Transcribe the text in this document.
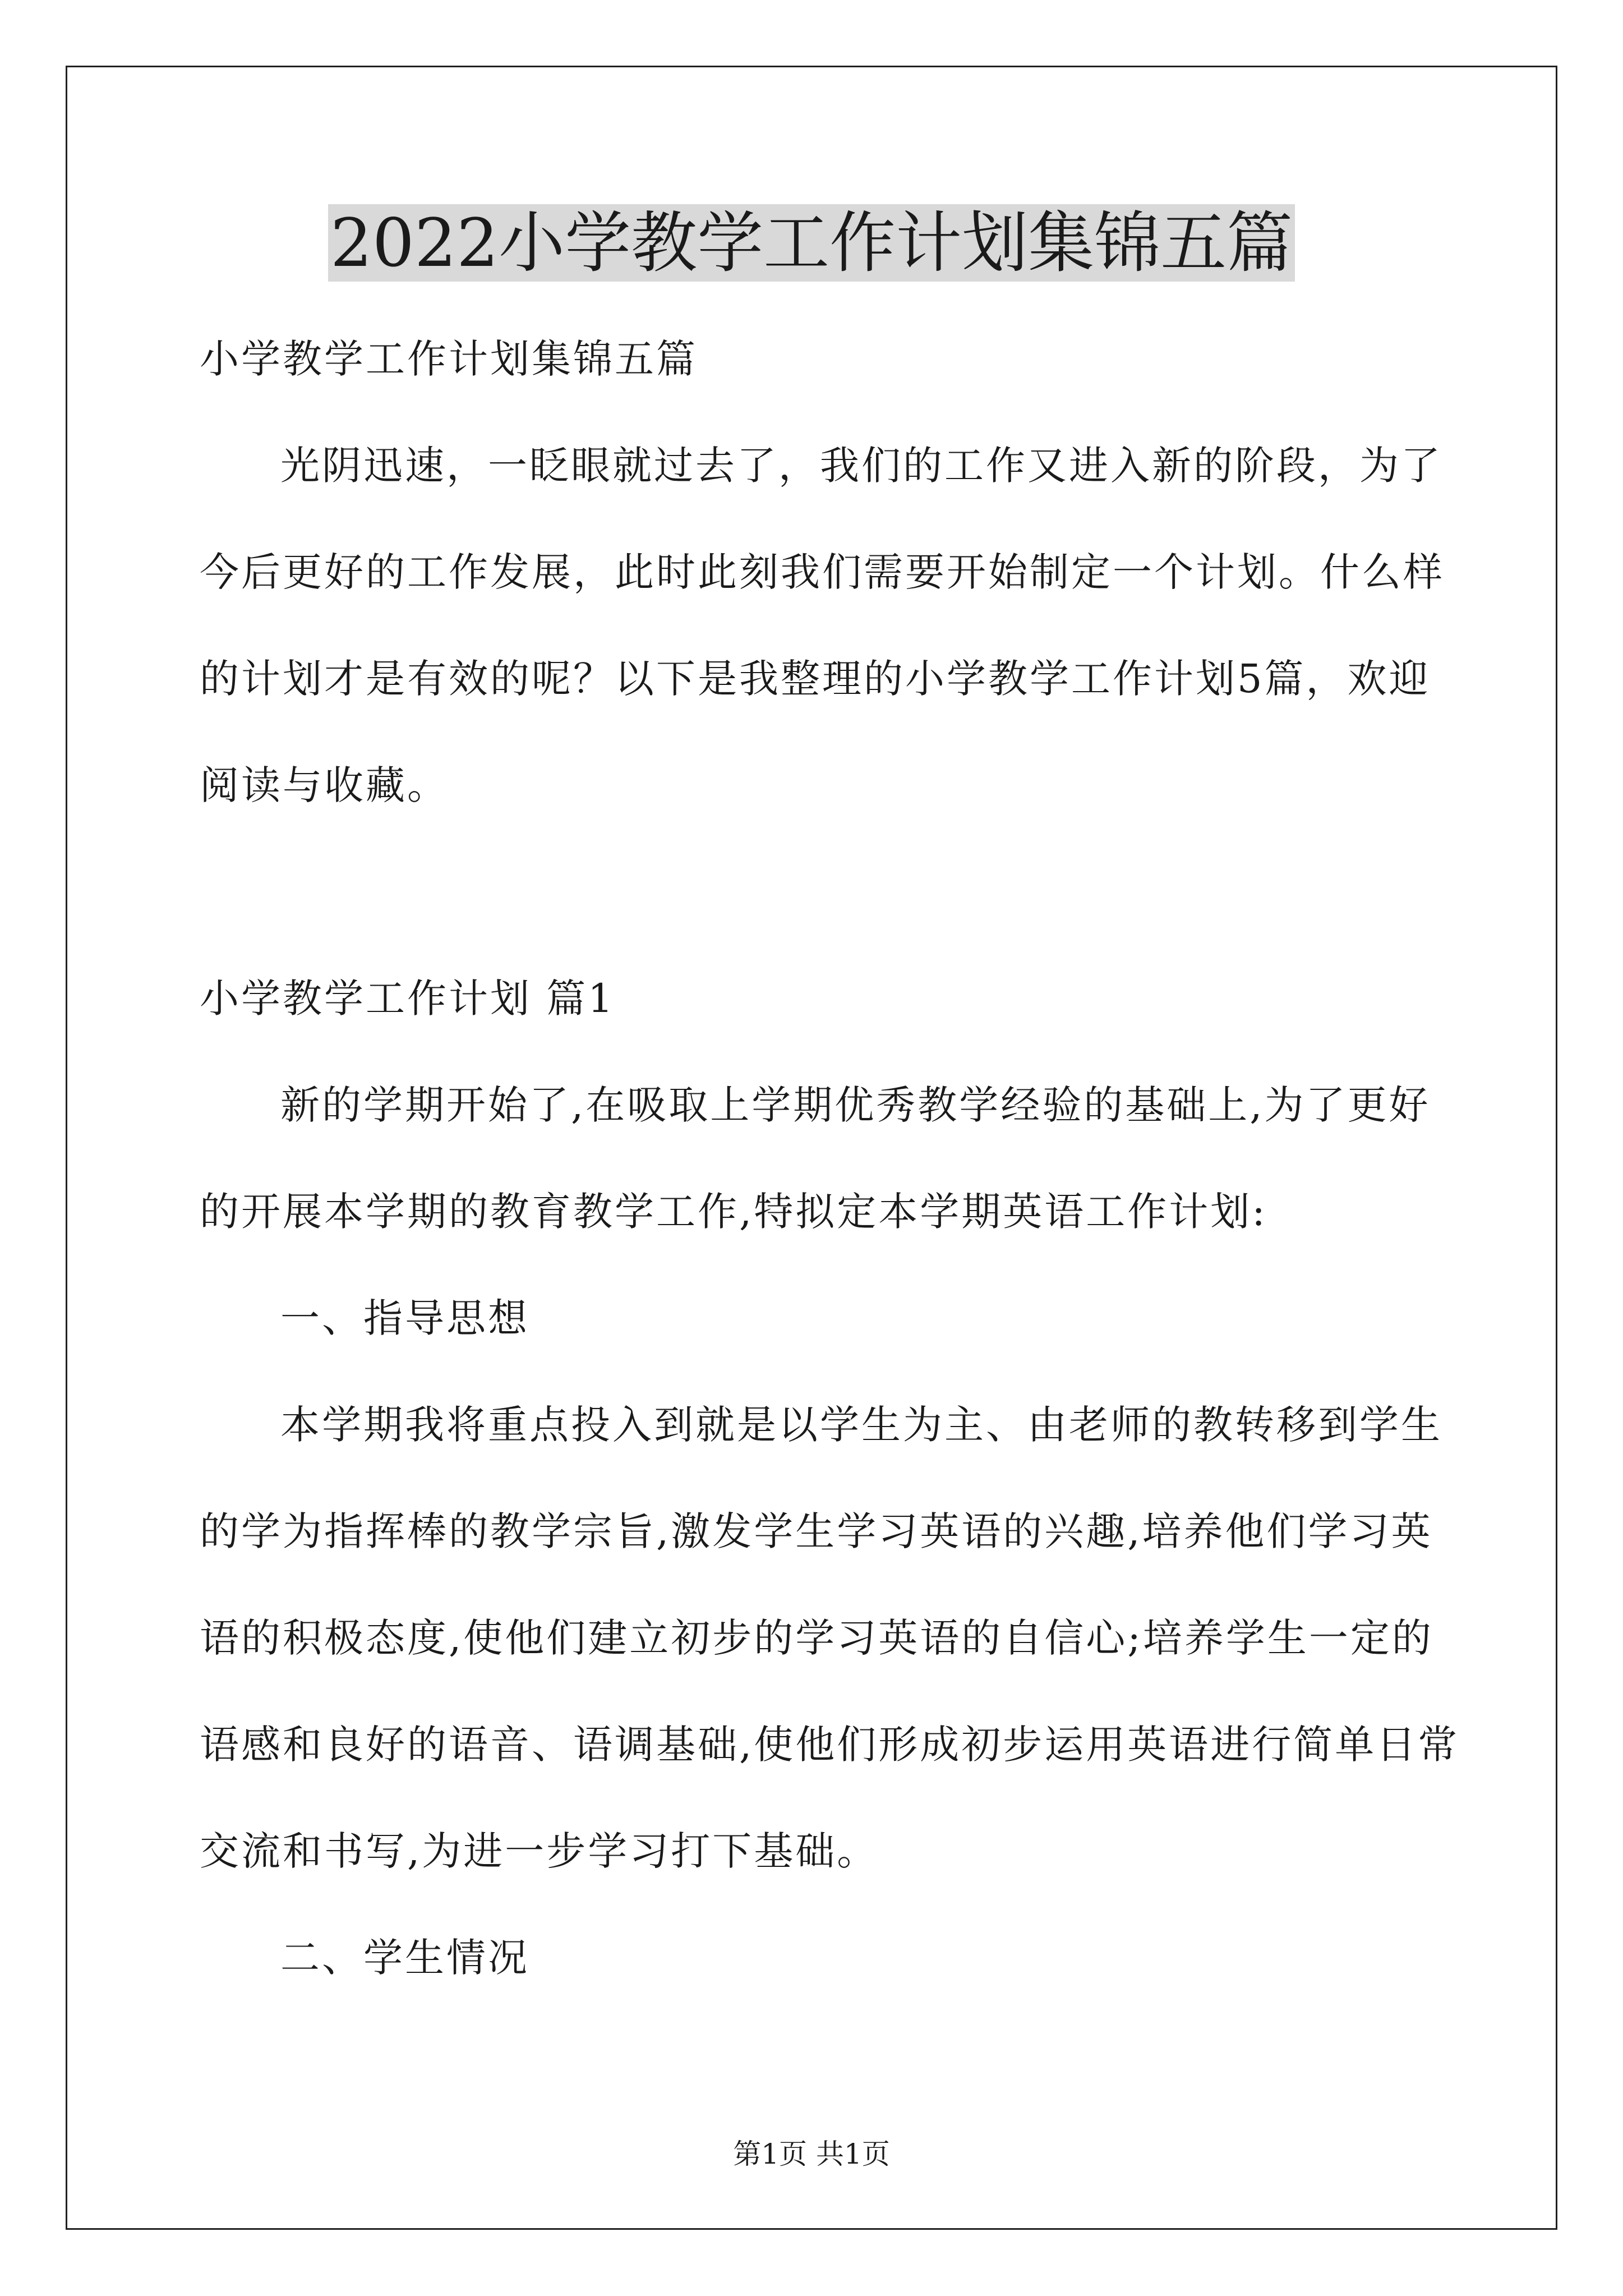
2022小学教学工作计划集锦五篇
小学教学工作计划集锦五篇
光阴迅速，一眨眼就过去了，我们的工作又进入新的阶段，为了
今后更好的工作发展，此时此刻我们需要开始制定一个计划。什么样
的计划才是有效的呢？以下是我整理的小学教学工作计划5篇，欢迎
阅读与收藏。
小学教学工作计划 篇1
新的学期开始了,在吸取上学期优秀教学经验的基础上,为了更好
的开展本学期的教育教学工作,特拟定本学期英语工作计划:
一、指导思想
本学期我将重点投入到就是以学生为主、由老师的教转移到学生
的学为指挥棒的教学宗旨,激发学生学习英语的兴趣,培养他们学习英
语的积极态度,使他们建立初步的学习英语的自信心;培养学生一定的
语感和良好的语音、语调基础,使他们形成初步运用英语进行简单日常
交流和书写,为进一步学习打下基础。
二、学生情况
第1页 共1页
